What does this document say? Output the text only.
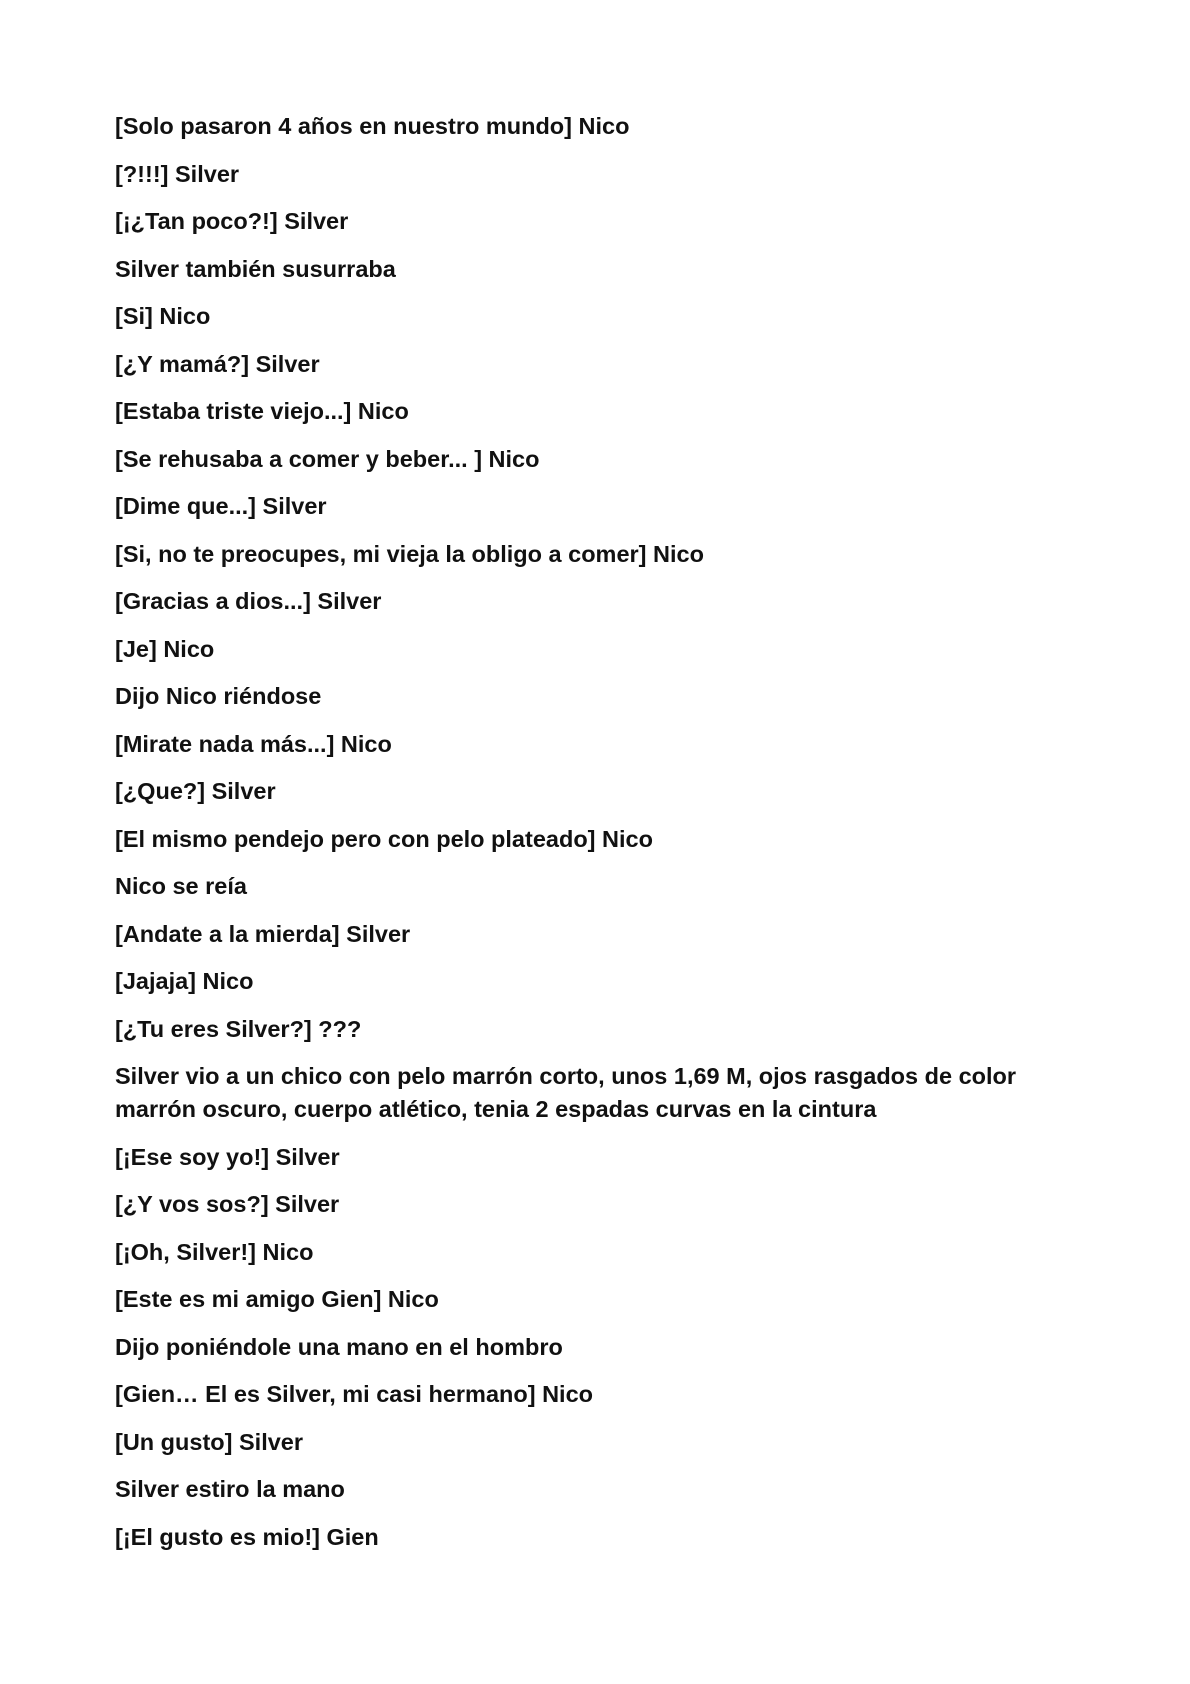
[Solo pasaron 4 años en nuestro mundo] Nico

[?!!!] Silver

[¡¿Tan poco?!] Silver

Silver también susurraba

[Si] Nico

[¿Y mamá?] Silver

[Estaba triste viejo...] Nico

[Se rehusaba a comer y beber... ] Nico

[Dime que...] Silver

[Si, no te preocupes, mi vieja la obligo a comer] Nico

[Gracias a dios...] Silver

[Je] Nico

Dijo Nico riéndose

[Mirate nada más...] Nico

[¿Que?] Silver

[El mismo pendejo pero con pelo plateado] Nico

Nico se reía

[Andate a la mierda] Silver

[Jajaja] Nico

[¿Tu eres Silver?] ???

Silver vio a un chico con pelo marrón corto, unos 1,69 M, ojos rasgados de color marrón oscuro, cuerpo atlético, tenia 2 espadas curvas en la cintura

[¡Ese soy yo!] Silver

[¿Y vos sos?] Silver

[¡Oh, Silver!] Nico

[Este es mi amigo Gien] Nico

Dijo poniéndole una mano en el hombro

[Gien… El es Silver, mi casi hermano] Nico

[Un gusto] Silver

Silver estiro la mano

[¡El gusto es mio!] Gien
